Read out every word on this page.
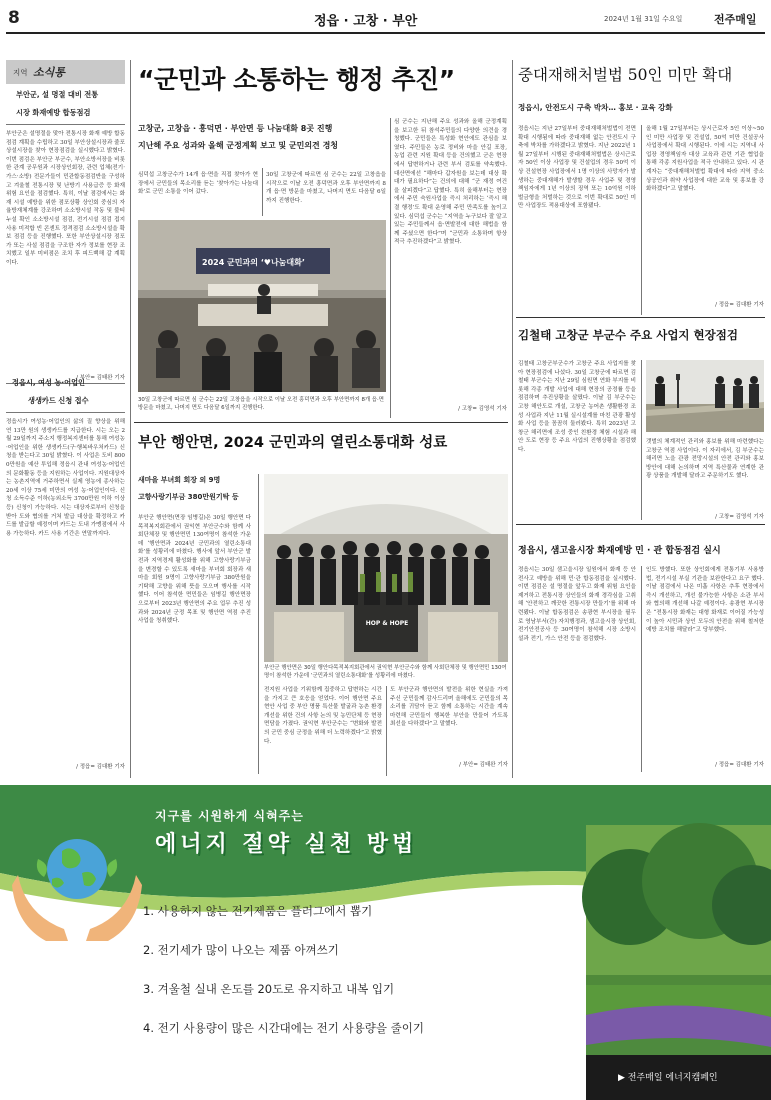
8	정읍 · 고창 · 부안	2024년 1월 31일 수요일	전주매일
지역 소식통
부안군, 설 명절 대비 전통
시장 화재예방 합동점검
부안군은 설명절을 맞아 전통시장 화재 예방 합동점검 계획을 수립하고 30일 부안상설시장과 줄포상설시장을 찾아 현장점검을 실시했다고 밝혔다. 이번 점검은 부안군 부군수, 부안소방서장을 비롯한 관계 공무원과 시장상인회장, 관련 업체(전기·가스·소방) 전문가들이 민관합동점검반을 구성하고 겨울철 전통시장 및 난방기 사용급증 등 화재 위험 요인을 점검했다. 특히, 이날 점검에서는 화재 시설 예방을 위한 점포상황 상인회 중심의 자율방재체계를 강조하며 소소방시설 작동 및 불티누설 확인 소소방시설 점검, 전기시설 점검 접지사용 미적합 빈 콘센트 정격점검 소소방시설을 확보 점검 등을 진행했다. 또한 부안상설시장 점포 가 또는 사설 점검을 구조한 자가 정보를 현장 조치했고 일부 미비점은 조치 후 피드백해 갈 계획이다.
/ 부안= 김태완 기자
정읍시, 여성 농·어업인
생생카드 신청 접수
정읍시가 여성농·어업인의 삶의 질 향상을 위해 연 13만 원의 생생카드를 지급한다. 시는 오는 2월 29일까지 주소지 행정복지센터를 통해 여성농·어업인을 위한 생생카드(구·행복바우처카드) 신청을 받는다고 30일 밝혔다. 이 사업은 도비 8000만원을 예산 투입해 정읍시 관내 여성농·어업인의 문화활동 등을 지원하는 사업이다. 지원대상자는 농촌지역에 거주하면서 실제 영농에 종사하는 20세 이상 75세 미만의 여성 농·어업인이다. 신청 소득수준 이하(농외소득 3700만원 이하 이상 등) 신청이 가능하다. 시는 대상자로부터 신청을 받아 도와 협의를 거쳐 발급 대상을 확정하고 카드를 발급할 예정이며 카드는 도내 가맹점에서 사용 가능하다. 카드 사용 기간은 연말까지다.
/ 정읍= 김대환 기자
“군민과 소통하는 행정 추진”
고창군, 고창읍 · 흥덕면 · 부안면 등 나눔대화 8곳 진행
지난해 주요 성과와 올해 군정계획 보고 및 군민의견 경청
심덕섭 고창군수가 14개 읍·면을 직접 찾아가 현장에서 군민들의 목소리를 듣는 ‘찾아가는 나눔대화’로 군민 소통을 이어 갔다.
30일 고창군에 따르면 심 군수는 22일 고창읍을 시작으로 이날 오전 흥덕면과 오후 부안면까지 8개 읍·면 방문을 마쳤고, 나머지 면도 다음달 6일까지 진행한다.
2024 군민과의 ‘♥나눔대화’
30일 고창군에 따르면 심 군수는 22일 고창읍을 시작으로 이날 오전 흥덕면과 오후 부안면까지 8개 읍·면 방문을 마쳤고, 나머지 면도 다음달 6일까지 진행한다.
심 군수는 지난해 주요 성과와 올해 군정계획을 보고한 뒤 참석주민들의 다양한 의견을 경청했다. 군민들은 특성화 현안에도 관심을 보였다. 주민들은 농로 정비와 마을 안길 포장, 농업 관련 지원 확대 등을 건의했고 군은 현장에서 답변하거나 관련 부서 검토를 약속했다. 대산면에선 “해마다 갑자원을 보는데 대상 확대가 필요하다”는 건의에 대해 “군 재정 여건을 살피겠다”고 답했다. 특히 올해부터는 현장에서 주민 숙원사업을 즉시 처리하는 ‘즉시 해결 행정’도 확대 운영해 주민 만족도를 높이고 있다. 심덕섭 군수는 “지역을 누구보다 잘 알고 있는 주민들께서 읍·면발전에 대한 해법을 함께 주셨으면 한다”며 “군민과 소통하며 항상 적극 추진하겠다”고 밝혔다.
/ 고창= 김영석 기자
부안 행안면, 2024 군민과의 열린소통대화 성료
새마을 부녀회 회장 외 9명
고향사랑기부금 380만원기탁 등
부안군 행안면(면장 임병길)은 30일 행안면 다목적복지회관에서 권익현 부안군수와 함께 사회단체장 및 행안면민 130여명이 참석한 가운데 ‘행안면과 2024년 군민과의 열린소통대화’를 성황리에 마쳤다. 행사에 앞서 부안군 발전과 지역경제 활성화를 위해 고향사랑기부금을 변경할 수 있도록 새마을 부녀회 회장과 새마을 회원 9명이 고향사랑기부금 380만원을 기탁해 고향을 위해 뜻을 모으며 행사를 시작했다. 이어 참석한 면민들은 임병길 행안면장으로부터 2023년 행안면의 주요 업무 추진 성과와 2024년 군정 목표 및 행안면 역점 추진 사업을 청취했다.	HOP & HOPE
부안군 행안면은 30일 행안다목적복지회관에서 권익현 부안군수와 함께 사회단체장 및 행안면민 130여명이 참석한 가운데 ‘군민과의 열린소통대화’를 성황리에 마쳤다.
전지원 사업을 기위함께 집중하고 답변하는 시간을 가지고 큰 호응을 얻었다. 이어 행안면 주요 현안 사업 중 부안 명품 특산물 발굴과 농촌 환경 개선을 위한 건의 사항 논의 및 농민단체 등 현장 면담을 가졌다. 권익현 부안군수는 “변화와 발전의 군민 중심 군정을 위해 더 노력하겠다”고 밝혔다.
도 부안군과 행안면의 발전을 위한 현실을 가져주신 군민들께 감사드리며 올해에도 군민들의 목소리를 귀담아 듣고 함께 소통하는 시간을 계속 마련해 군민들이 행복한 부안을 만들어 가도록 최선을 다하겠다”고 말했다.
/ 부안= 김태완 기자
중대재해처벌법 50인 미만 확대
정읍시, 안전도시 구축 박차… 홍보 · 교육 강화
정읍시는 지난 27일부터 중대재해처벌법이 전면 확대 시행됨에 따라 중대재해 없는 안전도시 구축에 박차를 가하겠다고 밝혔다. 지난 2022년 1월 27일부터 시행된 중대재해처벌법은 상시근로자 50인 이상 사업장 및 건설업의 경우 50억 이상 건설현장 사업장에서 1명 이상의 사망자가 발생하는 중대재해가 발생할 경우 사업주 및 경영책임자에게 1년 이상의 징역 또는 10억원 이하 벌금형을 처벌하는 것으로 이번 확대로 50인 미만 사업장도 적용대상에 포함됐다.
올해 1월 27일부터는 상시근로자 5인 이상~50인 미만 사업장 및 건설업, 50억 미만 건설공사 사업장에서 확대 시행된다. 이에 시는 지역내 사업장 경영책임자 대상 교육과 관련 기관 협업을 통해 각종 지원사업을 적극 안내하고 있다. 시 관계자는 “중대재해처벌법 확대에 따라 지역 중소상공인과 취약 사업장에 대한 교육 및 홍보를 강화하겠다”고 말했다.
/ 정읍= 김대환 기자
김철태 고창군 부군수 주요 사업지 현장점검
김철태 고창군부군수가 고창군 주요 사업지를 찾아 현장점검에 나섰다. 30일 고창군에 따르면 김철태 부군수는 지난 29일 심원면 연화 부지를 비롯해 각종 개발 사업에 대해 현장의 공정률 등을 점검하며 추진상황을 살폈다. 이날 김 부군수는 고창 해안도로 개설, 고창군 농어촌 생활환경 조성 사업과 지난 11월 실시설계를 마친 관광 활성화 사업 등을 꼼꼼히 둘러봤다. 특히 2023년 고창군 해리면에 조성 중인 친환경 체험 시설과 해안 도로 현장 등 주요 사업의 진행상황을 점검했다.
갯벌의 체계적인 관리와 홍보를 위해 마련했다는 고창군 역점 사업이다. 이 자리에서, 김 부군수는 해리면 노을 관광 전망시설의 안전 관리와 홍보 방안에 대해 논의하며 지역 특산물과 연계한 관광 상품을 개발해 달라고 주문하기도 했다.
/ 고창= 김영석 기자
정읍시, 샘고을시장 화재예방 민 · 관 합동점검 실시
정읍시는 30일 샘고을시장 일원에서 화재 등 안전사고 예방을 위해 민·관 합동점검을 실시했다. 이번 점검은 설 명절을 앞두고 화재 위험 요인을 제거하고 전통시장 상인들의 화재 경각심을 고취해 ‘안전하고 깨끗한 전통시장 만들기’를 위해 마련됐다. 이날 합동점검은 송광현 부시장을 필두로 영남부서(간) 자치행정과, 샘고을시장 상인회, 전기안전공사 등 30여명이 참석해 시장 소방시설과 전기, 가스 안전 등을 점검했다.
인도 방했다. 또한 상인회에게 전통기부 사용방법, 전기시설 부실 기관을 보완한다고 요구 했다. 이날 점검에서 나온 미흡 사항은 추후 현장에서 즉시 개선하고, 개선 불가능한 사항은 소관 부서와 협의해 개선해 나갈 예정이다. 송광현 부시장은 “전통시장 화재는 대형 화재로 이어질 가능성이 높아 시민과 상인 모두의 안전을 위해 철저한 예방 조치를 해달라”고 당부했다.
/ 정읍= 김대환 기자
지구를 시원하게 식혀주는
에너지 절약 실천 방법
1. 사용하지 않는 전기제품은 플러그에서 뽑기
2. 전기세가 많이 나오는 제품 아껴쓰기
3. 겨울철 실내 온도를 20도로 유지하고 내복 입기
4. 전기 사용량이 많은 시간대에는 전기 사용량을 줄이기
▶ 전주매일 에너지캠페인
